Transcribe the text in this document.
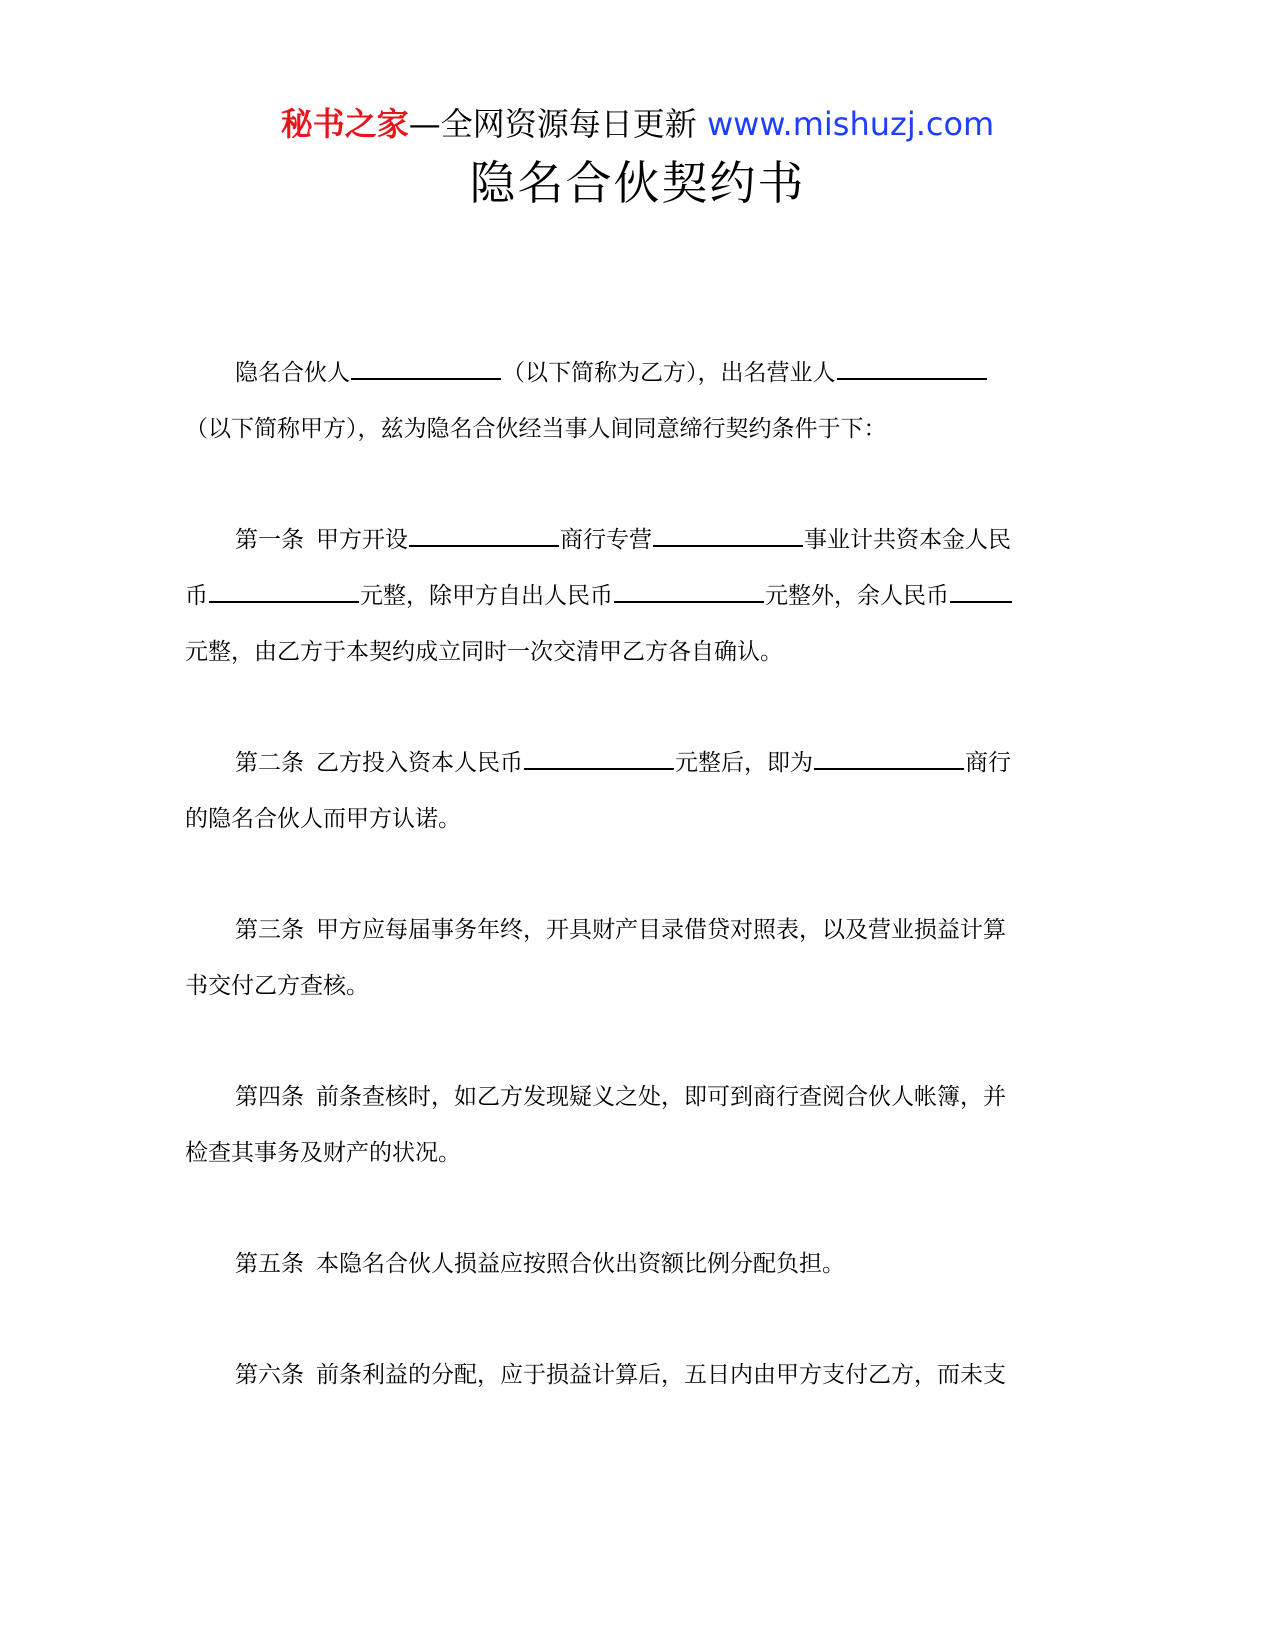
秘书之家—全网资源每日更新 www.mishuzj.com
隐名合伙契约书
隐名合伙人	（以下简称为乙方），出名营业人
（以下简称甲方），兹为隐名合伙经当事人间同意缔行契约条件于下：
第一条 甲方开设	商行专营	事业计共资本金人民
币	元整，除甲方自出人民币	元整外，余人民币
元整，由乙方于本契约成立同时一次交清甲乙方各自确认。
第二条 乙方投入资本人民币	元整后，即为	商行
的隐名合伙人而甲方认诺。
第三条 甲方应每届事务年终，开具财产目录借贷对照表，以及营业损益计算
书交付乙方查核。
第四条 前条查核时，如乙方发现疑义之处，即可到商行查阅合伙人帐簿，并
检查其事务及财产的状况。
第五条 本隐名合伙人损益应按照合伙出资额比例分配负担。
第六条 前条利益的分配，应于损益计算后，五日内由甲方支付乙方，而未支
